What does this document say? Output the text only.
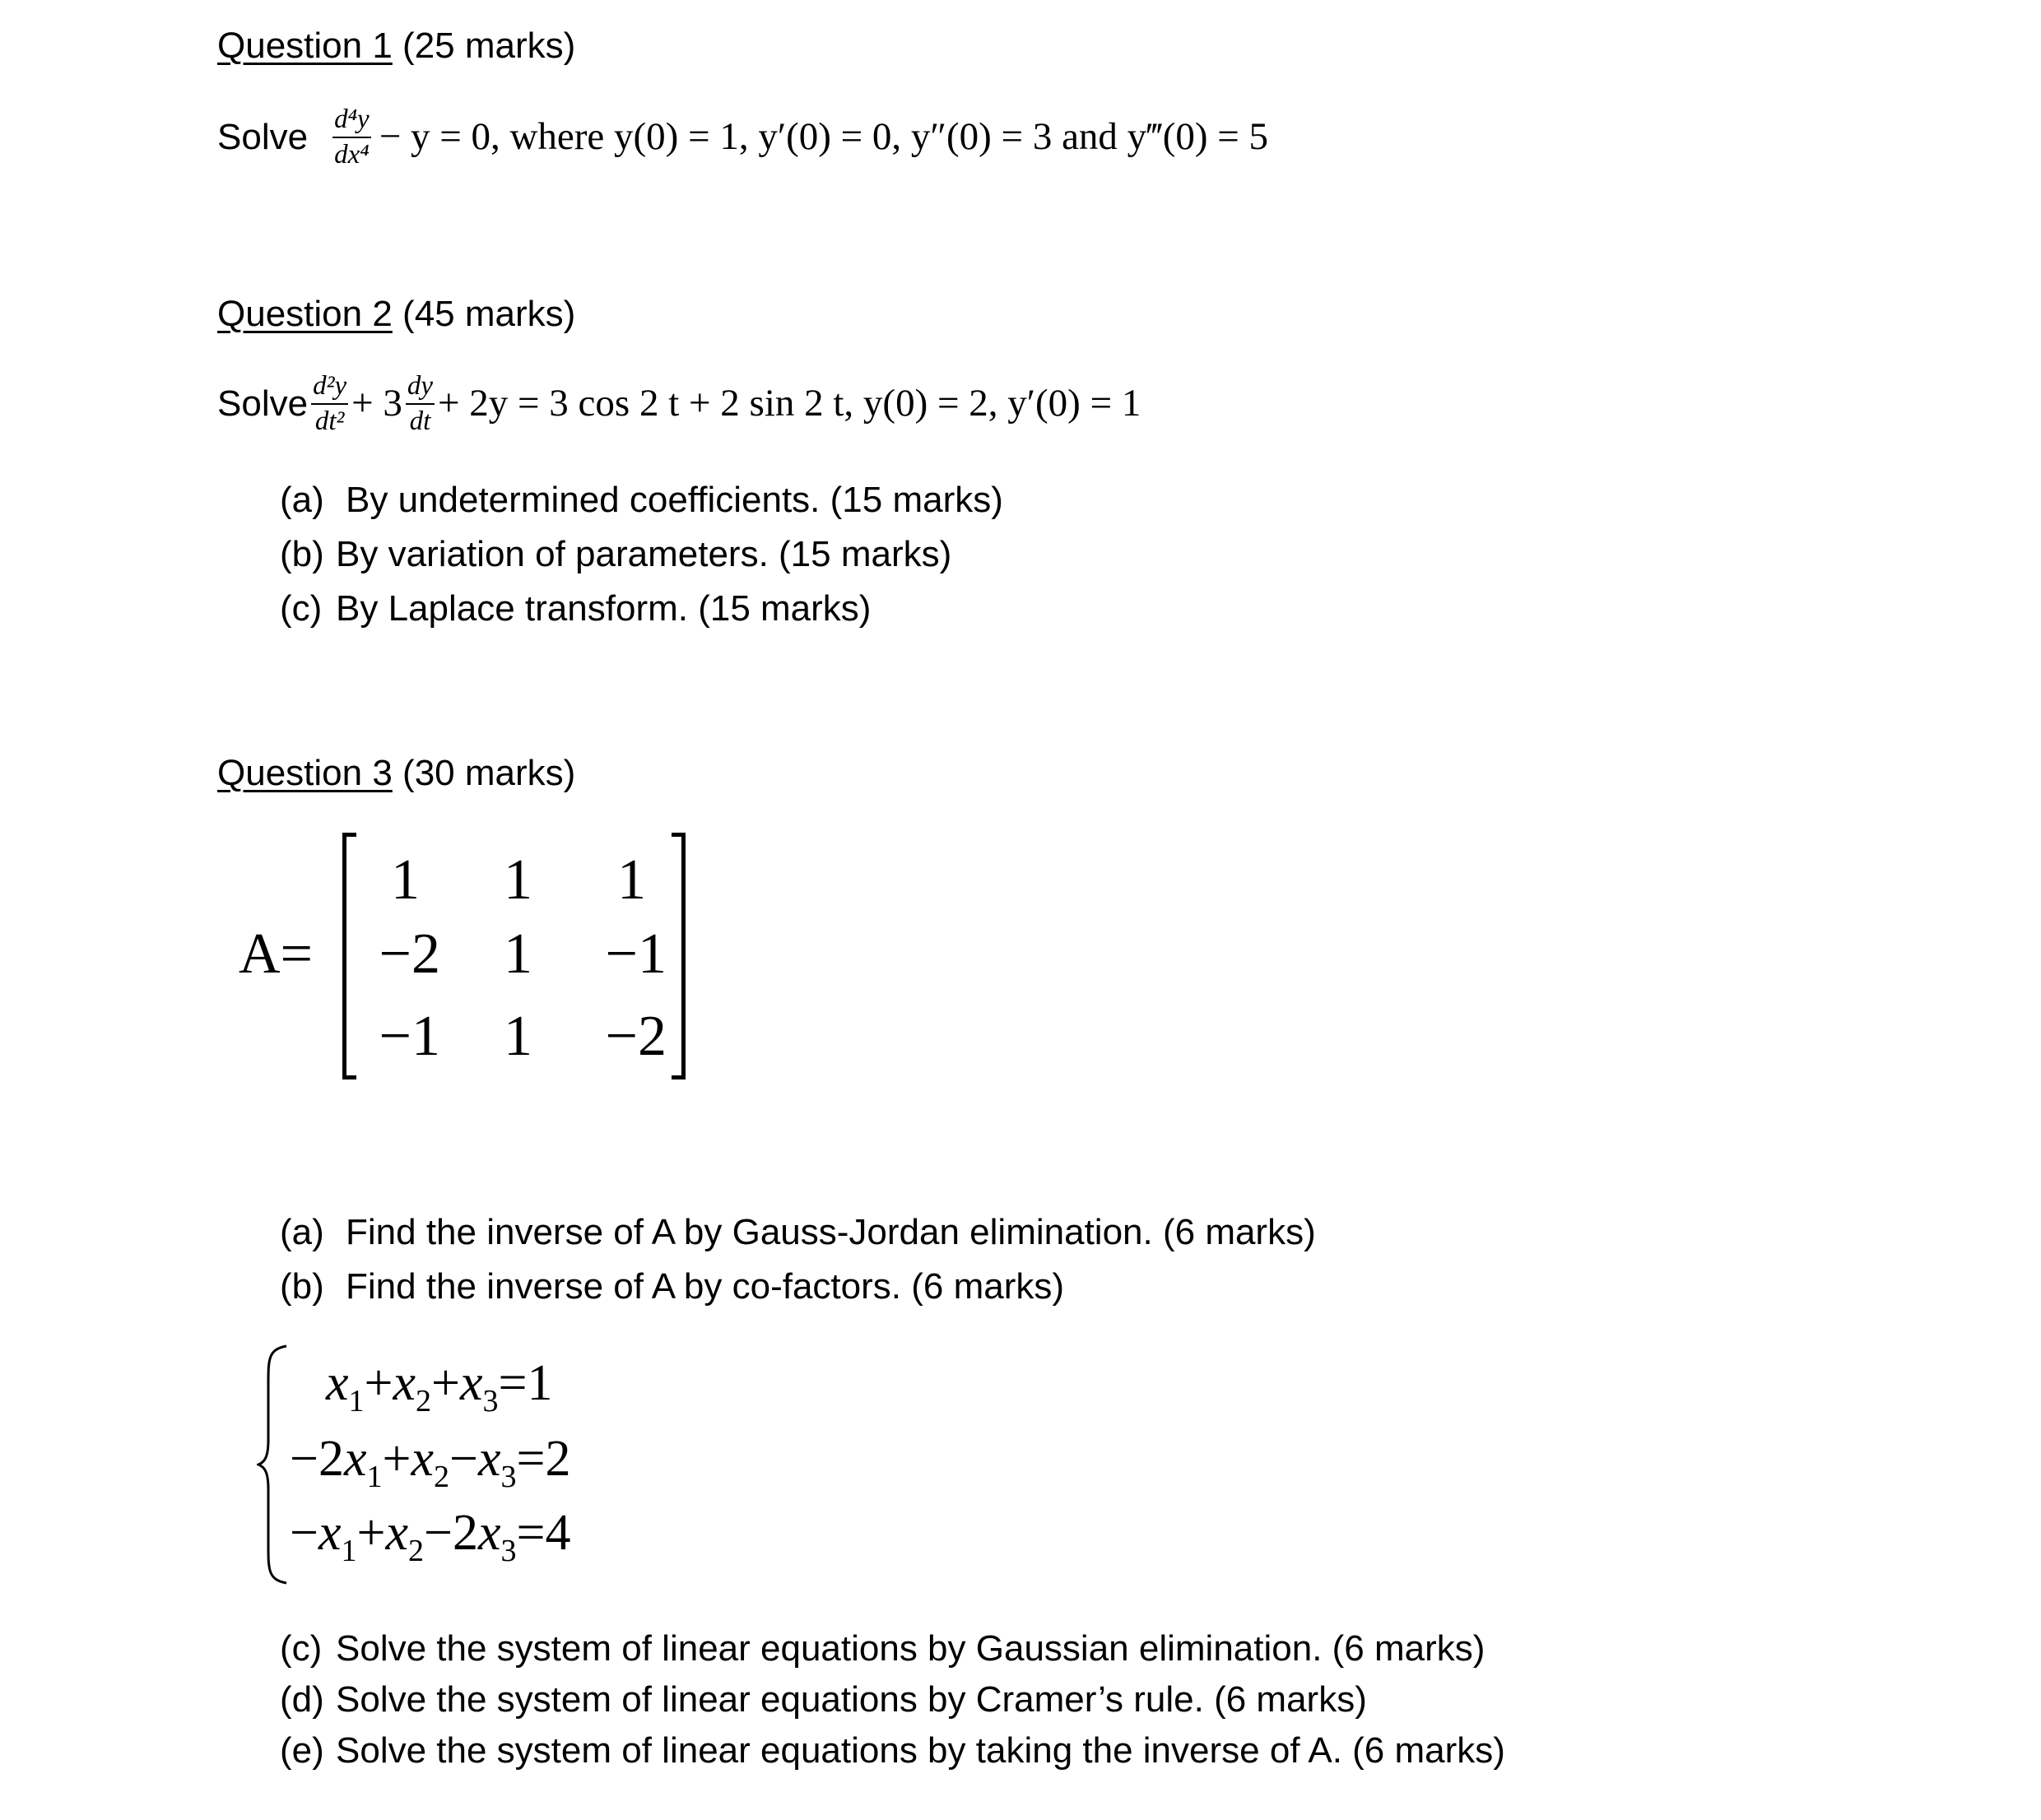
Question 1 (25 marks)
Solve $\frac{\text{d⁴y}}{\text{dx⁴}} - y = 0$, where y(0) = 1, y′(0) = 0, y″(0) = 3 and y‴(0) = 5
Question 2 (45 marks)
Solve $\frac{\text{d²y}}{\text{dt²}} + 3 \frac{dy}{dt} + 2y = 3$ cos 2 t + 2 sin 2 t, y(0) = 2, y′(0) = 1
(a) By undetermined coefficients. (15 marks)
(b) By variation of parameters. (15 marks)
(c) By Laplace transform. (15 marks)
Question 3 (30 marks)
A=
1	1	1
−2	1	−1
−1	1	−2
(a) Find the inverse of A by Gauss-Jordan elimination. (6 marks)
(b) Find the inverse of A by co-factors. (6 marks)
$x_1+x_2+x_3=1$
$-2x_1+x_2-x_3=2$
$-x_1+x_2-2x_3=4$
(c) Solve the system of linear equations by Gaussian elimination. (6 marks)
(d) Solve the system of linear equations by Cramer’s rule. (6 marks)
(e) Solve the system of linear equations by taking the inverse of A. (6 marks)
